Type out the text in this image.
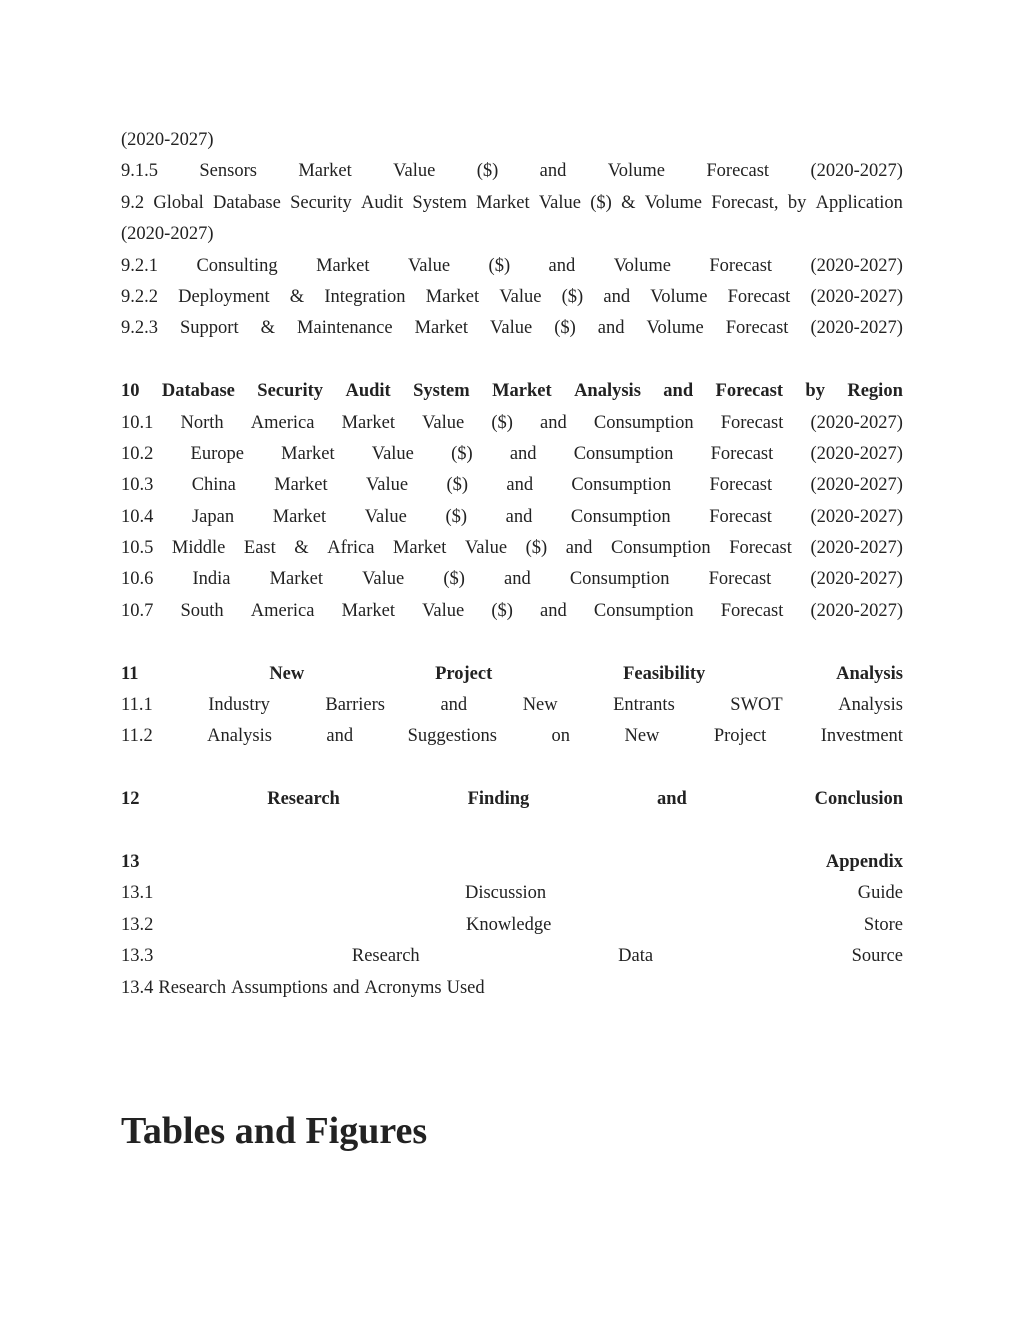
(2020-2027)
9.1.5 Sensors Market Value ($) and Volume Forecast (2020-2027)
9.2 Global Database Security Audit System Market Value ($) & Volume Forecast, by Application
(2020-2027)
9.2.1 Consulting Market Value ($) and Volume Forecast (2020-2027)
9.2.2 Deployment & Integration Market Value ($) and Volume Forecast (2020-2027)
9.2.3 Support & Maintenance Market Value ($) and Volume Forecast (2020-2027)
10 Database Security Audit System Market Analysis and Forecast by Region
10.1 North America Market Value ($) and Consumption Forecast (2020-2027)
10.2 Europe Market Value ($) and Consumption Forecast (2020-2027)
10.3 China Market Value ($) and Consumption Forecast (2020-2027)
10.4 Japan Market Value ($) and Consumption Forecast (2020-2027)
10.5 Middle East & Africa Market Value ($) and Consumption Forecast (2020-2027)
10.6 India Market Value ($) and Consumption Forecast (2020-2027)
10.7 South America Market Value ($) and Consumption Forecast (2020-2027)
11	New	Project	Feasibility	Analysis
11.1	Industry	Barriers	and	New	Entrants	SWOT	Analysis
11.2	Analysis	and	Suggestions	on	New	Project	Investment
12	Research	Finding	and	Conclusion
13	Appendix
13.1	Discussion	Guide
13.2	Knowledge	Store
13.3	Research	Data	Source
13.4 Research Assumptions and Acronyms Used
Tables and Figures
